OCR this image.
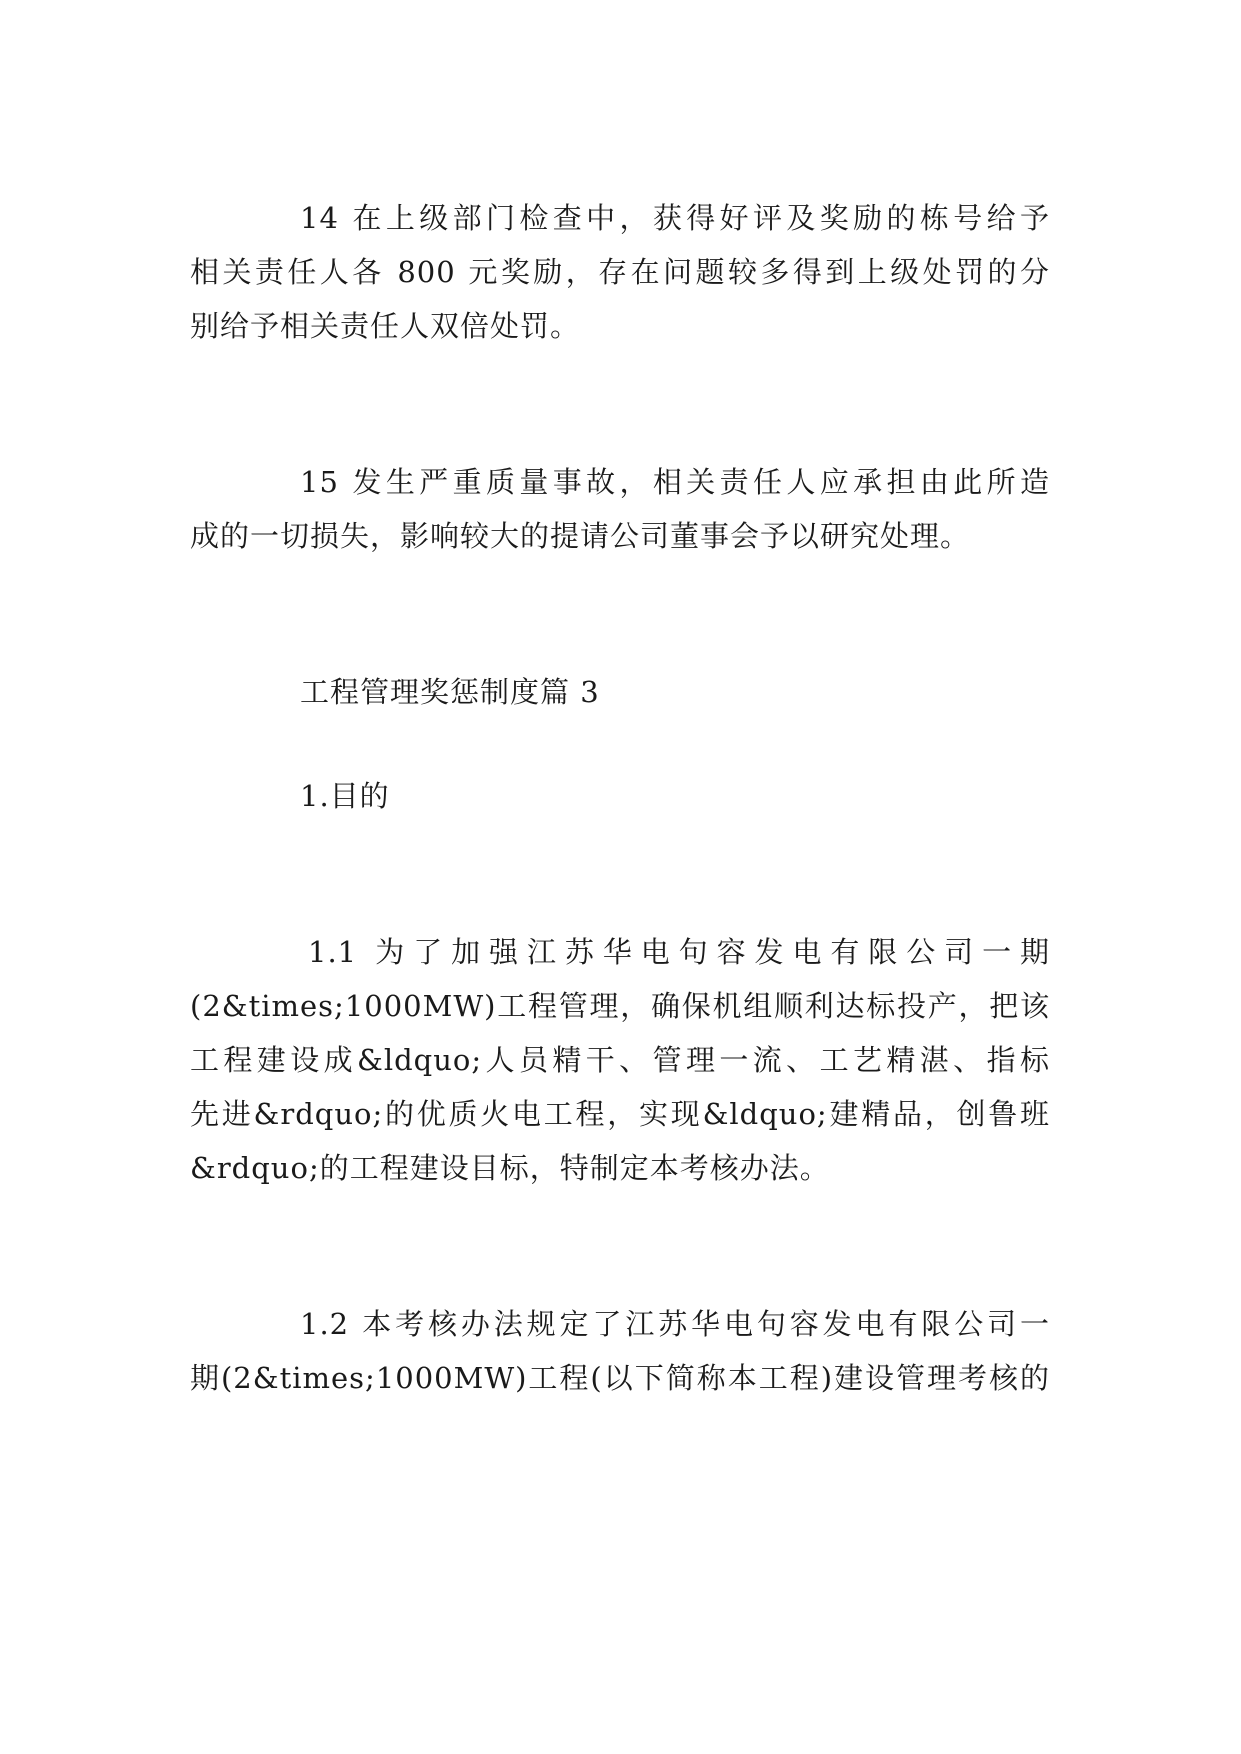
14 在上级部门检查中，获得好评及奖励的栋号给予
相关责任人各 800 元奖励，存在问题较多得到上级处罚的分
别给予相关责任人双倍处罚。
15 发生严重质量事故，相关责任人应承担由此所造
成的一切损失，影响较大的提请公司董事会予以研究处理。
工程管理奖惩制度篇 3
1.目的
1.1 为了加强江苏华电句容发电有限公司一期
(2&times;1000MW)工程管理，确保机组顺利达标投产，把该
工程建设成&ldquo;人员精干、管理一流、工艺精湛、指标
先进&rdquo;的优质火电工程，实现&ldquo;建精品，创鲁班
&rdquo;的工程建设目标，特制定本考核办法。
1.2 本考核办法规定了江苏华电句容发电有限公司一
期(2&times;1000MW)工程(以下简称本工程)建设管理考核的
